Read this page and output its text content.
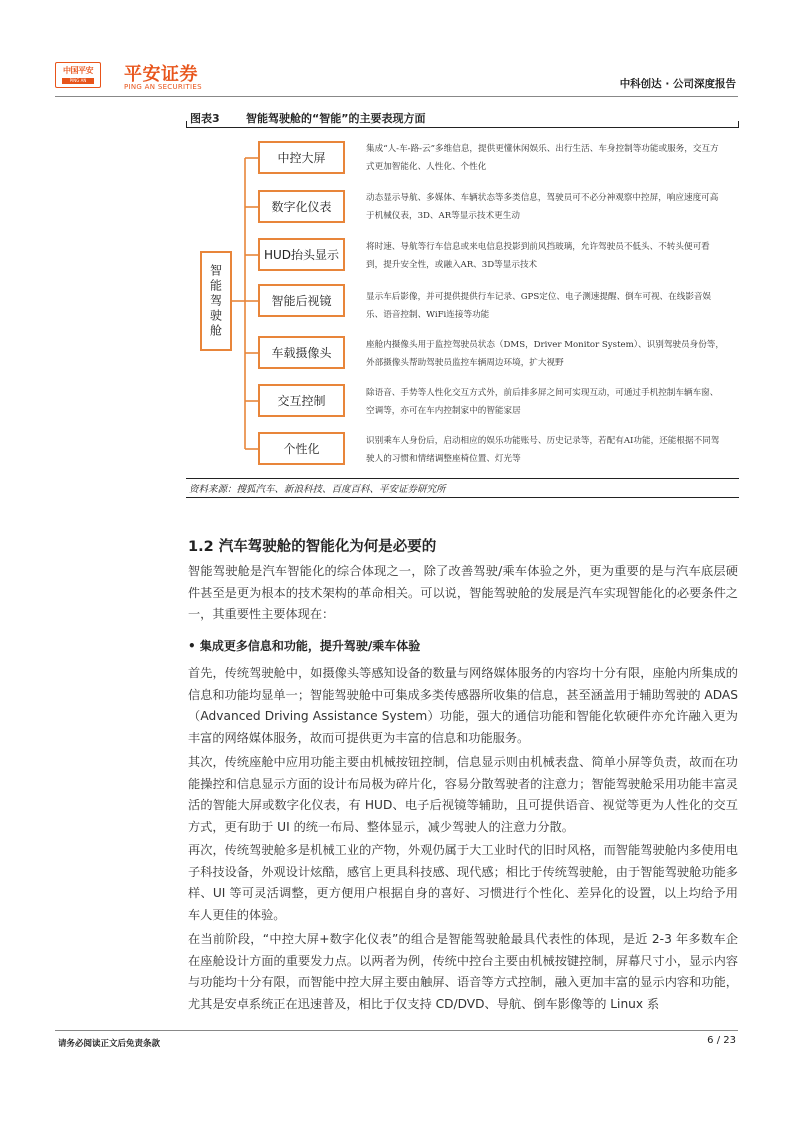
中国平安
PING AN	平安证券
PING AN SECURITIES	中科创达 · 公司深度报告
图表3 智能驾驶舱的“智能”的主要表现方面
智能驾驶舱
中控大屏
数字化仪表
HUD抬头显示
智能后视镜
车载摄像头
交互控制
个性化
集成“人-车-路-云”多维信息，提供更懂休闲娱乐、出行生活、车身控制等功能或服务，交互方式更加智能化、人性化、个性化
动态显示导航、多媒体、车辆状态等多类信息，驾驶员可不必分神观察中控屏，响应速度可高于机械仪表，3D、AR等显示技术更生动
将时速、导航等行车信息或来电信息投影到前风挡玻璃，允许驾驶员不低头、不转头便可看到，提升安全性，或融入AR、3D等显示技术
显示车后影像，并可提供提供行车记录、GPS定位、电子测速提醒、倒车可视、在线影音娱乐、语音控制、WiFi连接等功能
座舱内摄像头用于监控驾驶员状态（DMS，Driver Monitor System）、识别驾驶员身份等，外部摄像头帮助驾驶员监控车辆周边环境，扩大视野
除语音、手势等人性化交互方式外，前后排多屏之间可实现互动，可通过手机控制车辆车窗、空调等，亦可在车内控制家中的智能家居
识别乘车人身份后，启动相应的娱乐功能账号、历史记录等，若配有AI功能，还能根据不同驾驶人的习惯和情绪调整座椅位置、灯光等
资料来源：搜狐汽车、新浪科技、百度百科、平安证券研究所
1.2 汽车驾驶舱的智能化为何是必要的
智能驾驶舱是汽车智能化的综合体现之一，除了改善驾驶/乘车体验之外，更为重要的是与汽车底层硬件甚至是更为根本的技术架构的革命相关。可以说，智能驾驶舱的发展是汽车实现智能化的必要条件之一，其重要性主要体现在：
• 集成更多信息和功能，提升驾驶/乘车体验
首先，传统驾驶舱中，如摄像头等感知设备的数量与网络媒体服务的内容均十分有限，座舱内所集成的信息和功能均显单一；智能驾驶舱中可集成多类传感器所收集的信息，甚至涵盖用于辅助驾驶的 ADAS（Advanced Driving Assistance System）功能，强大的通信功能和智能化软硬件亦允许融入更为丰富的网络媒体服务，故而可提供更为丰富的信息和功能服务。
其次，传统座舱中应用功能主要由机械按钮控制，信息显示则由机械表盘、简单小屏等负责，故而在功能操控和信息显示方面的设计布局极为碎片化，容易分散驾驶者的注意力；智能驾驶舱采用功能丰富灵活的智能大屏或数字化仪表，有 HUD、电子后视镜等辅助，且可提供语音、视觉等更为人性化的交互方式，更有助于 UI 的统一布局、整体显示，减少驾驶人的注意力分散。
再次，传统驾驶舱多是机械工业的产物，外观仍属于大工业时代的旧时风格，而智能驾驶舱内多使用电子科技设备，外观设计炫酷，感官上更具科技感、现代感；相比于传统驾驶舱，由于智能驾驶舱功能多样、UI 等可灵活调整，更方便用户根据自身的喜好、习惯进行个性化、差异化的设置，以上均给予用车人更佳的体验。
在当前阶段，“中控大屏+数字化仪表”的组合是智能驾驶舱最具代表性的体现，是近 2-3 年多数车企在座舱设计方面的重要发力点。以两者为例，传统中控台主要由机械按键控制，屏幕尺寸小，显示内容与功能均十分有限，而智能中控大屏主要由触屏、语音等方式控制，融入更加丰富的显示内容和功能，尤其是安卓系统正在迅速普及，相比于仅支持 CD/DVD、导航、倒车影像等的 Linux 系
请务必阅读正文后免责条款	6 / 23
